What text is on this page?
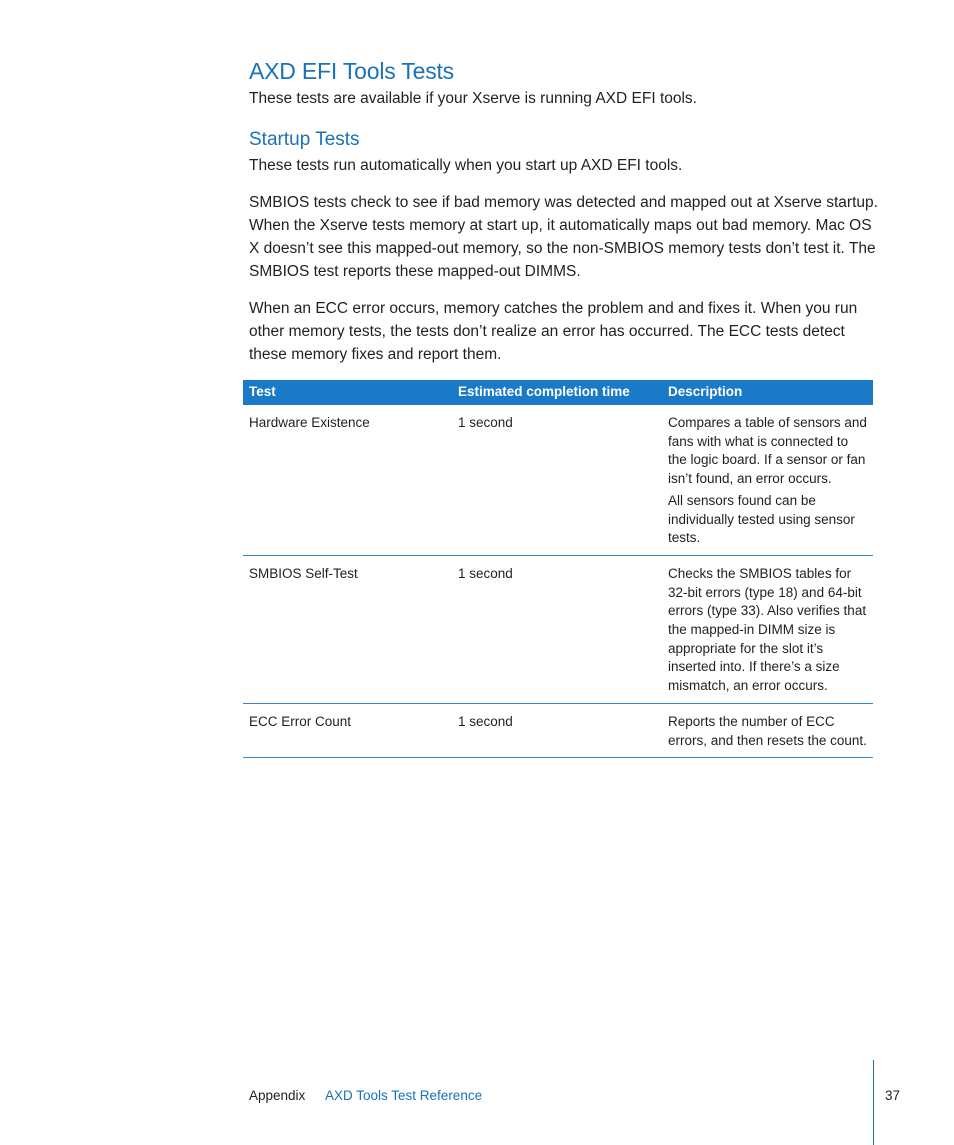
AXD EFI Tools Tests

These tests are available if your Xserve is running AXD EFI tools.

Startup Tests

These tests run automatically when you start up AXD EFI tools.

SMBIOS tests check to see if bad memory was detected and mapped out at Xserve startup. When the Xserve tests memory at start up, it automatically maps out bad memory. Mac OS X doesn’t see this mapped-out memory, so the non-SMBIOS memory tests don’t test it. The SMBIOS test reports these mapped-out DIMMS.

When an ECC error occurs, memory catches the problem and and fixes it. When you run other memory tests, the tests don’t realize an error has occurred. The ECC tests detect these memory fixes and report them.

Test	Estimated completion time	Description
Hardware Existence	1 second	Compares a table of sensors and fans with what is connected to the logic board. If a sensor or fan isn’t found, an error occurs.

All sensors found can be individually tested using sensor tests.

SMBIOS Self-Test	1 second	Checks the SMBIOS tables for 32-bit errors (type 18) and 64-bit errors (type 33). Also verifies that the mapped-in DIMM size is appropriate for the slot it’s inserted into. If there’s a size mismatch, an error occurs.

ECC Error Count	1 second	Reports the number of ECC errors, and then resets the count.

Appendix AXD Tools Test Reference	37
